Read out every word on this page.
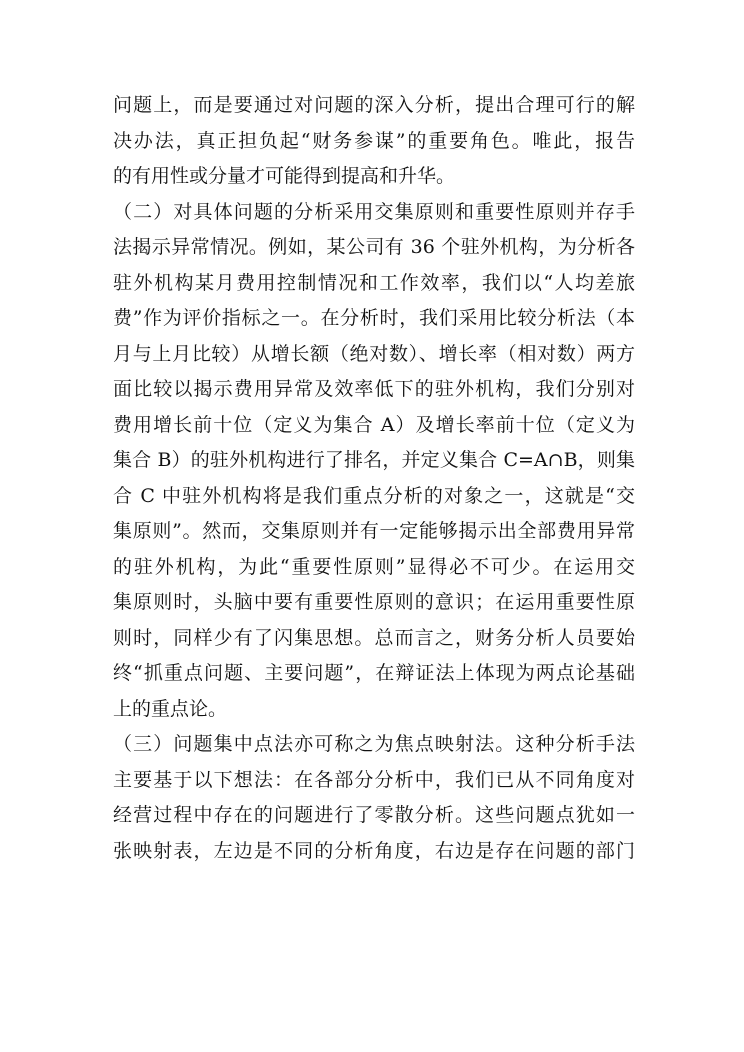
问题上，而是要通过对问题的深入分析，提出合理可行的解
决办法，真正担负起“财务参谋”的重要角色。唯此，报告
的有用性或分量才可能得到提高和升华。
（二）对具体问题的分析采用交集原则和重要性原则并存手
法揭示异常情况。例如，某公司有 36 个驻外机构，为分析各
驻外机构某月费用控制情况和工作效率，我们以“人均差旅
费”作为评价指标之一。在分析时，我们采用比较分析法（本
月与上月比较）从增长额（绝对数）、增长率（相对数）两方
面比较以揭示费用异常及效率低下的驻外机构，我们分别对
费用增长前十位（定义为集合 A）及增长率前十位（定义为
集合 B）的驻外机构进行了排名，并定义集合 C=A∩B，则集
合 C 中驻外机构将是我们重点分析的对象之一，这就是“交
集原则”。然而，交集原则并有一定能够揭示出全部费用异常
的驻外机构，为此“重要性原则”显得必不可少。在运用交
集原则时，头脑中要有重要性原则的意识；在运用重要性原
则时，同样少有了闪集思想。总而言之，财务分析人员要始
终“抓重点问题、主要问题”，在辩证法上体现为两点论基础
上的重点论。
（三）问题集中点法亦可称之为焦点映射法。这种分析手法
主要基于以下想法：在各部分分析中，我们已从不同角度对
经营过程中存在的问题进行了零散分析。这些问题点犹如一
张映射表，左边是不同的分析角度，右边是存在问题的部门
